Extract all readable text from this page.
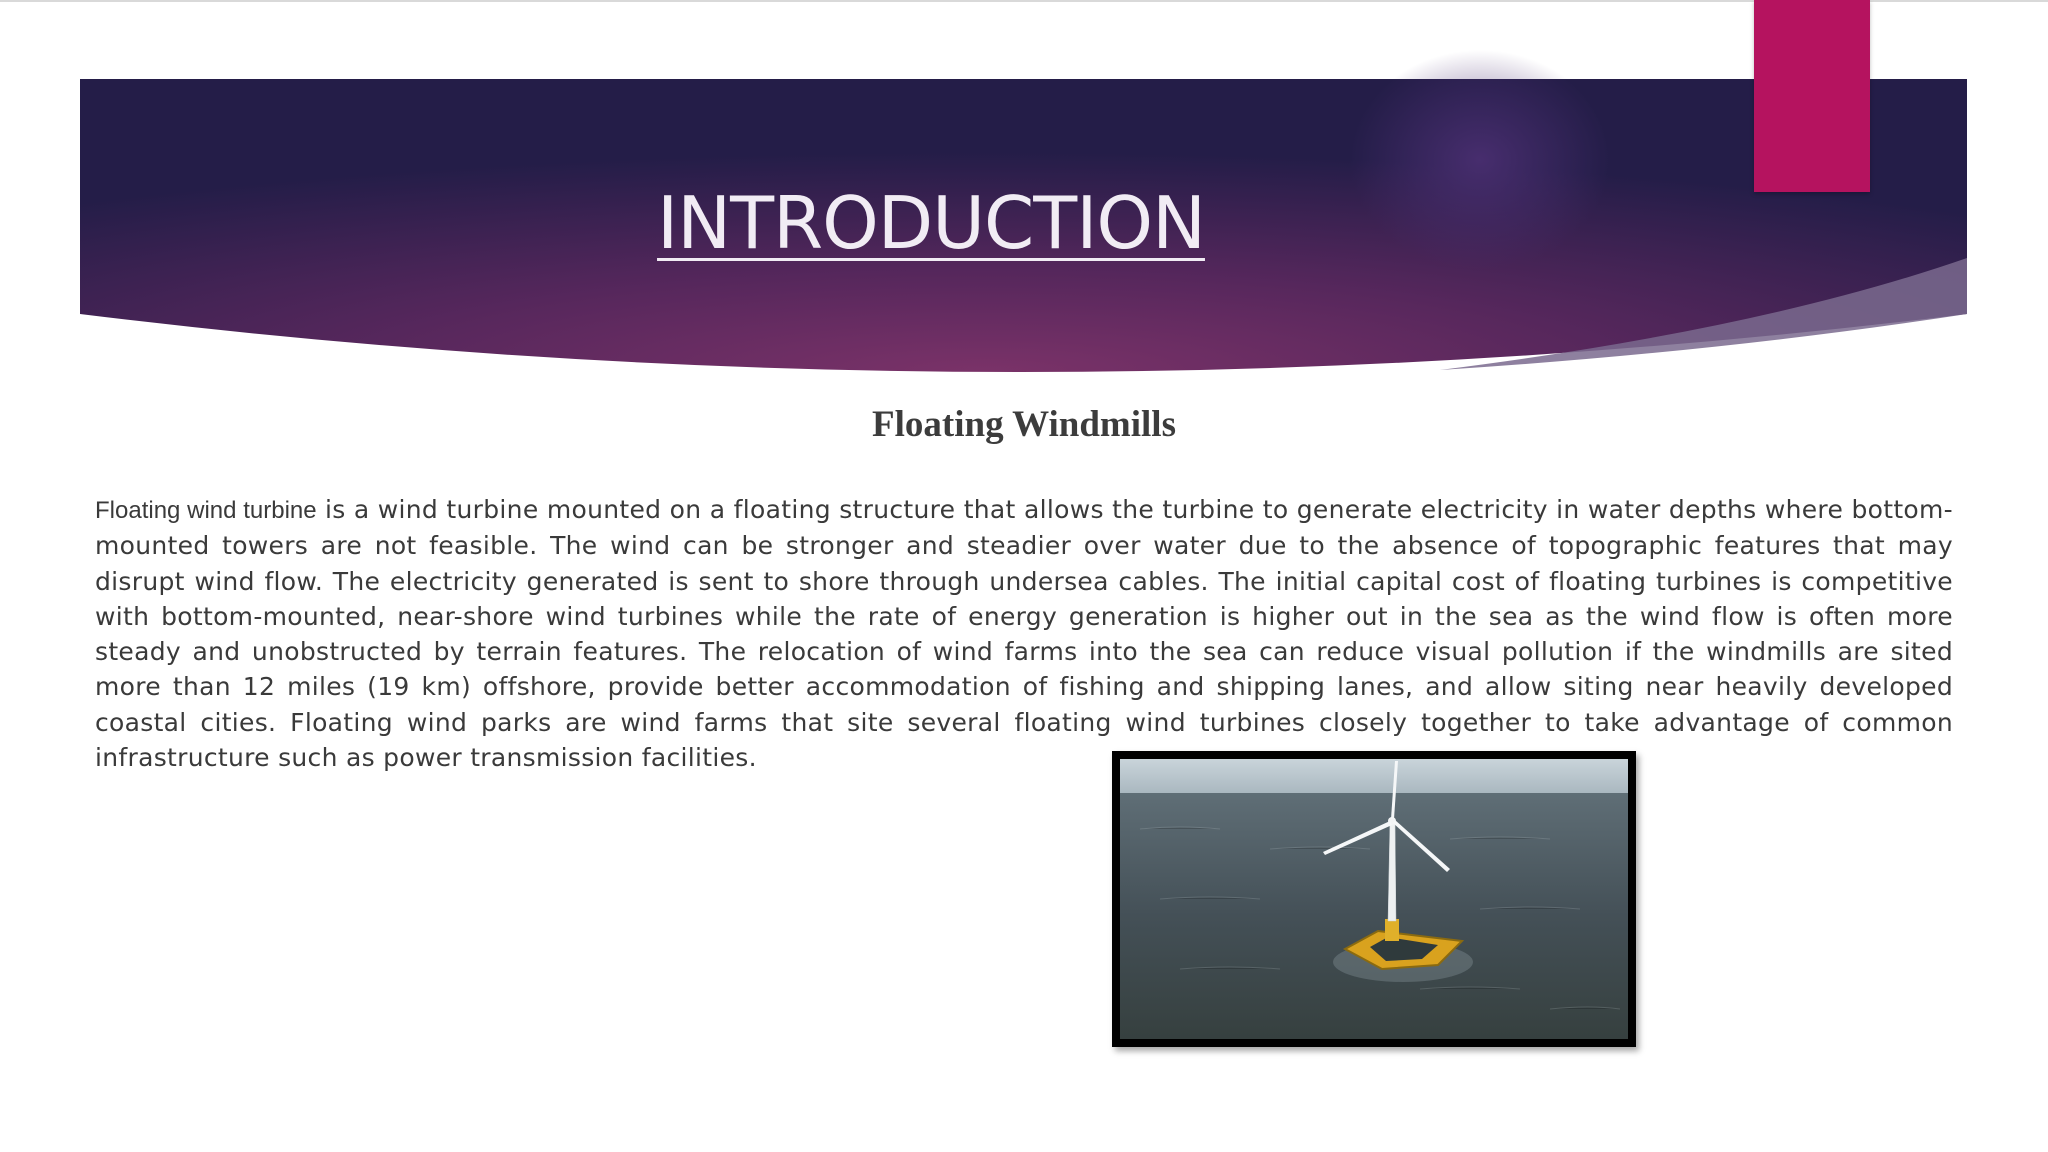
INTRODUCTION
Floating Windmills

Floating wind turbine is a wind turbine mounted on a floating structure that allows the turbine to generate electricity in water depths where bottom-mounted towers are not feasible. The wind can be stronger and steadier over water due to the absence of topographic features that may disrupt wind flow. The electricity generated is sent to shore through undersea cables. The initial capital cost of floating turbines is competitive with bottom-mounted, near-shore wind turbines while the rate of energy generation is higher out in the sea as the wind flow is often more steady and unobstructed by terrain features. The relocation of wind farms into the sea can reduce visual pollution if the windmills are sited more than 12 miles (19 km) offshore, provide better accommodation of fishing and shipping lanes, and allow siting near heavily developed coastal cities. Floating wind parks are wind farms that site several floating wind turbines closely together to take advantage of common infrastructure such as power transmission facilities.
